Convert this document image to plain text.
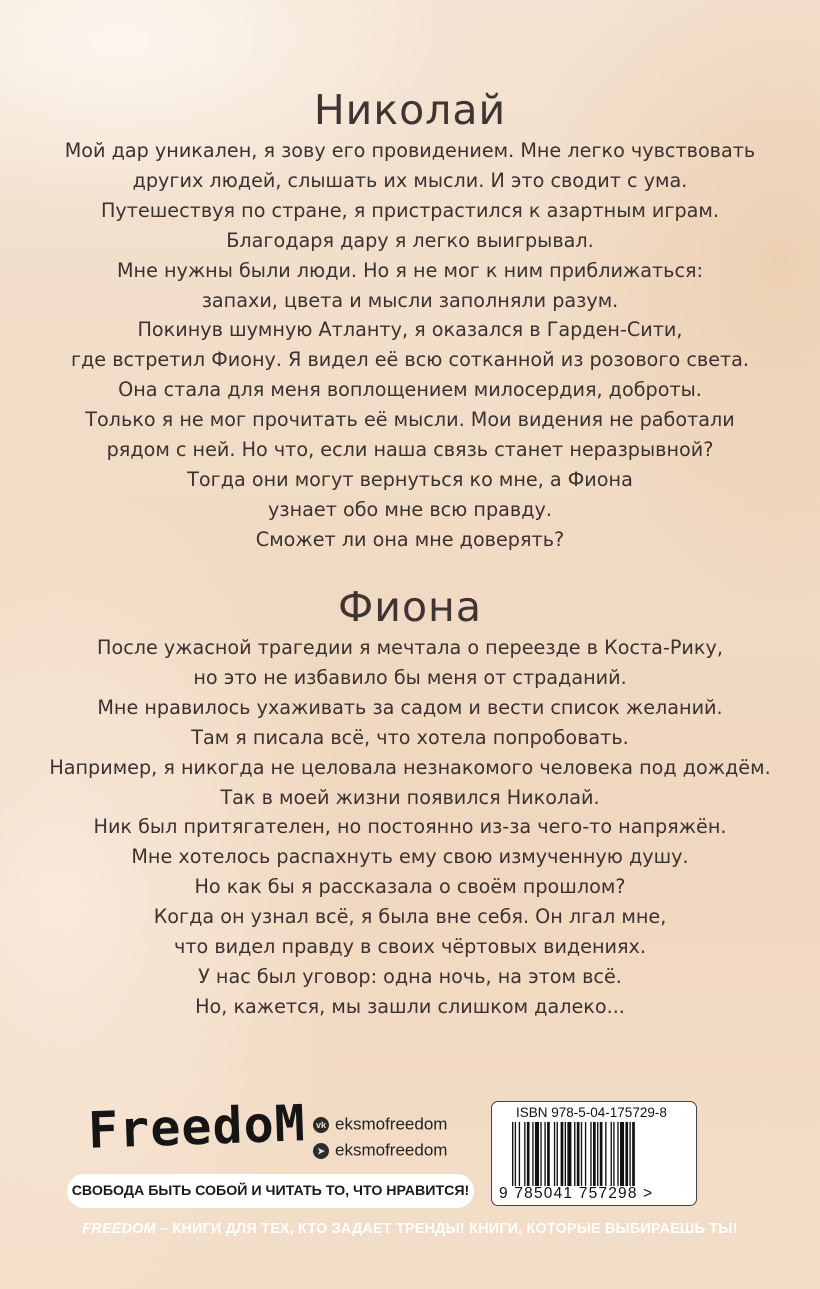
Николай
Мой дар уникален, я зову его провидением. Мне легко чувствовать
других людей, слышать их мысли. И это сводит с ума.
Путешествуя по стране, я пристрастился к азартным играм.
Благодаря дару я легко выигрывал.
Мне нужны были люди. Но я не мог к ним приближаться:
запахи, цвета и мысли заполняли разум.
Покинув шумную Атланту, я оказался в Гарден-Сити,
где встретил Фиону. Я видел её всю сотканной из розового света.
Она стала для меня воплощением милосердия, доброты.
Только я не мог прочитать её мысли. Мои видения не работали
рядом с ней. Но что, если наша связь станет неразрывной?
Тогда они могут вернуться ко мне, а Фиона
узнает обо мне всю правду.
Сможет ли она мне доверять?
Фиона
После ужасной трагедии я мечтала о переезде в Коста-Рику,
но это не избавило бы меня от страданий.
Мне нравилось ухаживать за садом и вести список желаний.
Там я писала всё, что хотела попробовать.
Например, я никогда не целовала незнакомого человека под дождём.
Так в моей жизни появился Николай.
Ник был притягателен, но постоянно из-за чего-то напряжён.
Мне хотелось распахнуть ему свою измученную душу.
Но как бы я рассказала о своём прошлом?
Когда он узнал всё, я была вне себя. Он лгал мне,
что видел правду в своих чёртовых видениях.
У нас был уговор: одна ночь, на этом всё.
Но, кажется, мы зашли слишком далеко...
FreedoM	vk eksmofreedom
➤ eksmofreedom
СВОБОДА БЫТЬ СОБОЙ И ЧИТАТЬ ТО, ЧТО НРАВИТСЯ!
ISBN 978-5-04-175729-8
9 785041 757298 >
FREEDOM – КНИГИ ДЛЯ ТЕХ, КТО ЗАДАЕТ ТРЕНДЫ! КНИГИ, КОТОРЫЕ ВЫБИРАЕШЬ ТЫ!
